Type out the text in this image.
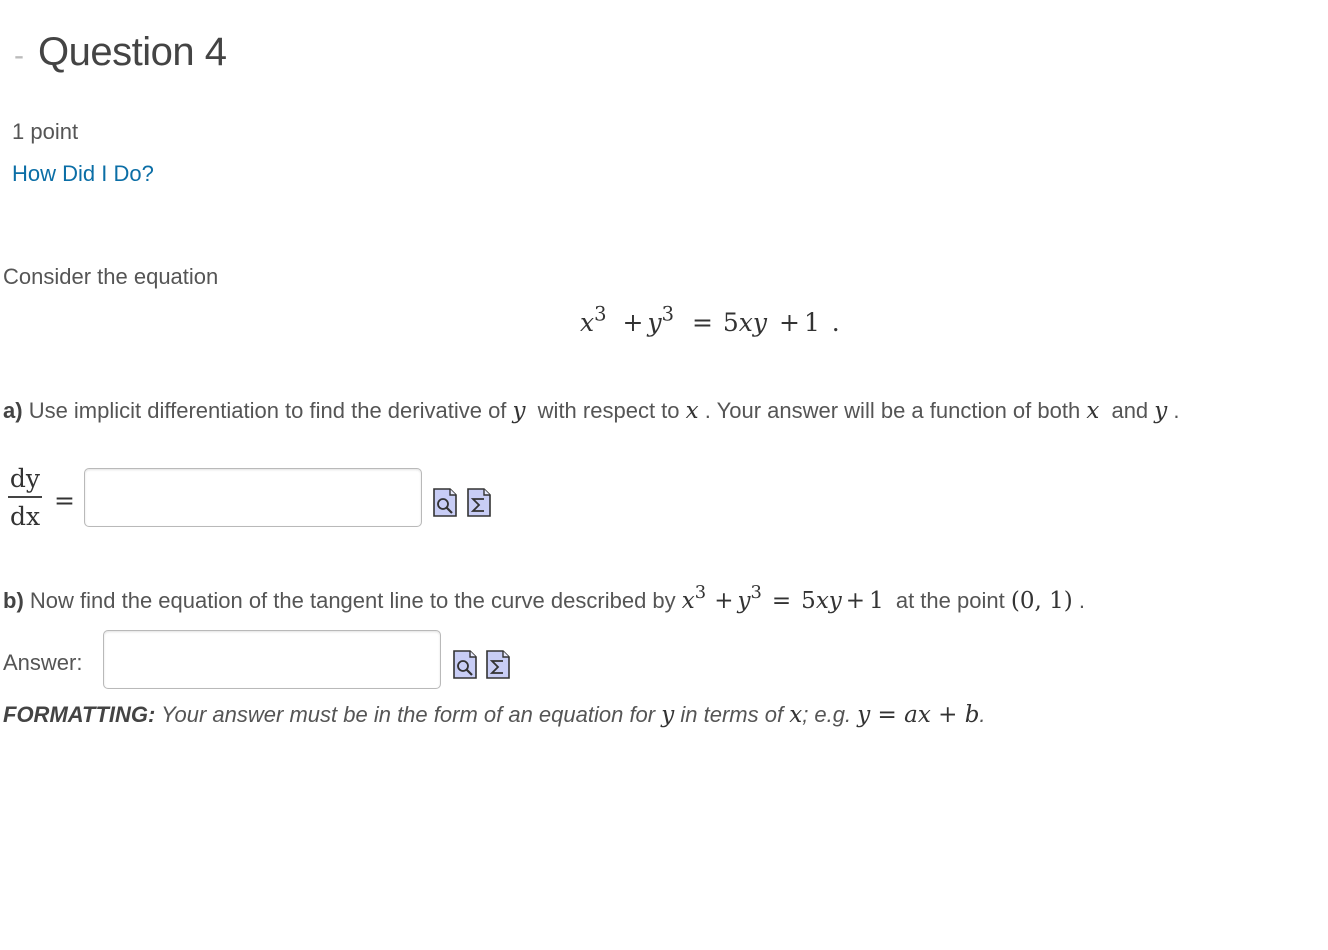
- Question 4
1 point
How Did I Do?
Consider the equation
$x^3 + y^3 = 5xy + 1$ .
a) Use implicit differentiation to find the derivative of y with respect to x . Your answer will be a function of both x and y .
dy
dx
=
b) Now find the equation of the tangent line to the curve described by $x^3 + y^3 = 5xy + 1$ at the point (0, 1) .
Answer:
FORMATTING: Your answer must be in the form of an equation for y in terms of x; e.g. y = ax + b.
